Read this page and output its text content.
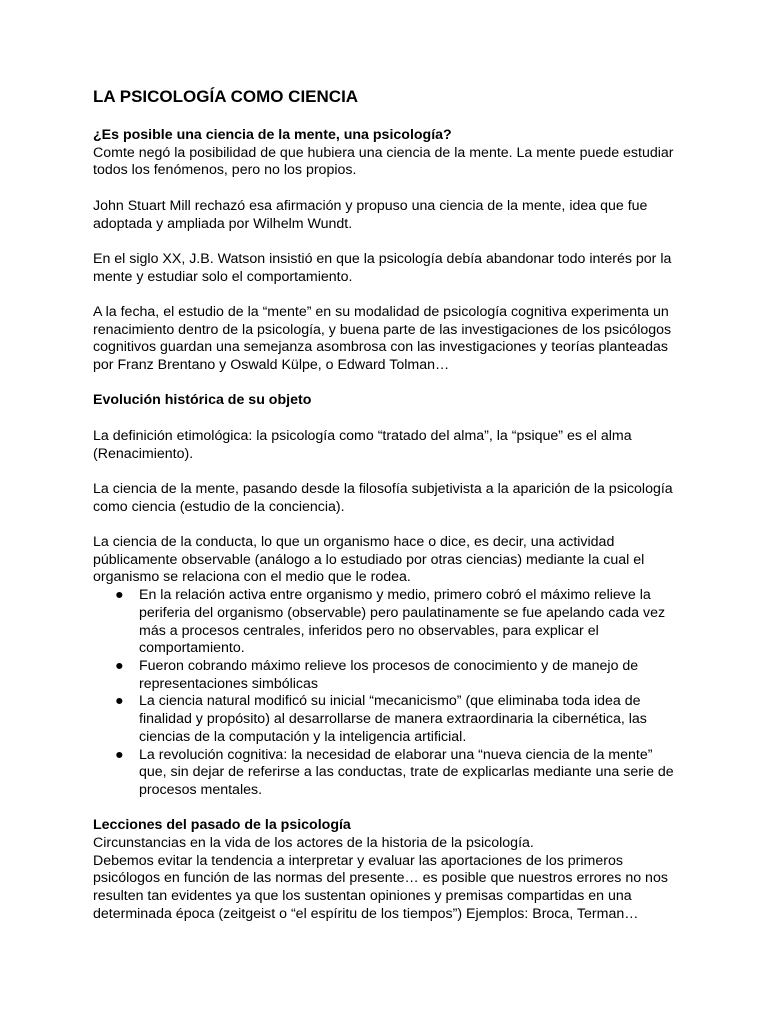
LA PSICOLOGÍA COMO CIENCIA

¿Es posible una ciencia de la mente, una psicología?

Comte negó la posibilidad de que hubiera una ciencia de la mente. La mente puede estudiar

todos los fenómenos, pero no los propios.

John Stuart Mill rechazó esa afirmación y propuso una ciencia de la mente, idea que fue

adoptada y ampliada por Wilhelm Wundt.

En el siglo XX, J.B. Watson insistió en que la psicología debía abandonar todo interés por la

mente y estudiar solo el comportamiento.

A la fecha, el estudio de la “mente” en su modalidad de psicología cognitiva experimenta un

renacimiento dentro de la psicología, y buena parte de las investigaciones de los psicólogos

cognitivos guardan una semejanza asombrosa con las investigaciones y teorías planteadas

por Franz Brentano y Oswald Külpe, o Edward Tolman…

Evolución histórica de su objeto

La definición etimológica: la psicología como “tratado del alma”, la “psique” es el alma

(Renacimiento).

La ciencia de la mente, pasando desde la filosofía subjetivista a la aparición de la psicología

como ciencia (estudio de la conciencia).

La ciencia de la conducta, lo que un organismo hace o dice, es decir, una actividad

públicamente observable (análogo a lo estudiado por otras ciencias) mediante la cual el

organismo se relaciona con el medio que le rodea.

● En la relación activa entre organismo y medio, primero cobró el máximo relieve la
periferia del organismo (observable) pero paulatinamente se fue apelando cada vez
más a procesos centrales, inferidos pero no observables, para explicar el
comportamiento.
● Fueron cobrando máximo relieve los procesos de conocimiento y de manejo de
representaciones simbólicas
● La ciencia natural modificó su inicial “mecanicismo” (que eliminaba toda idea de
finalidad y propósito) al desarrollarse de manera extraordinaria la cibernética, las
ciencias de la computación y la inteligencia artificial.
● La revolución cognitiva: la necesidad de elaborar una “nueva ciencia de la mente”
que, sin dejar de referirse a las conductas, trate de explicarlas mediante una serie de
procesos mentales.

Lecciones del pasado de la psicología

Circunstancias en la vida de los actores de la historia de la psicología.

Debemos evitar la tendencia a interpretar y evaluar las aportaciones de los primeros

psicólogos en función de las normas del presente… es posible que nuestros errores no nos

resulten tan evidentes ya que los sustentan opiniones y premisas compartidas en una

determinada época (zeitgeist o “el espíritu de los tiempos”) Ejemplos: Broca, Terman…
